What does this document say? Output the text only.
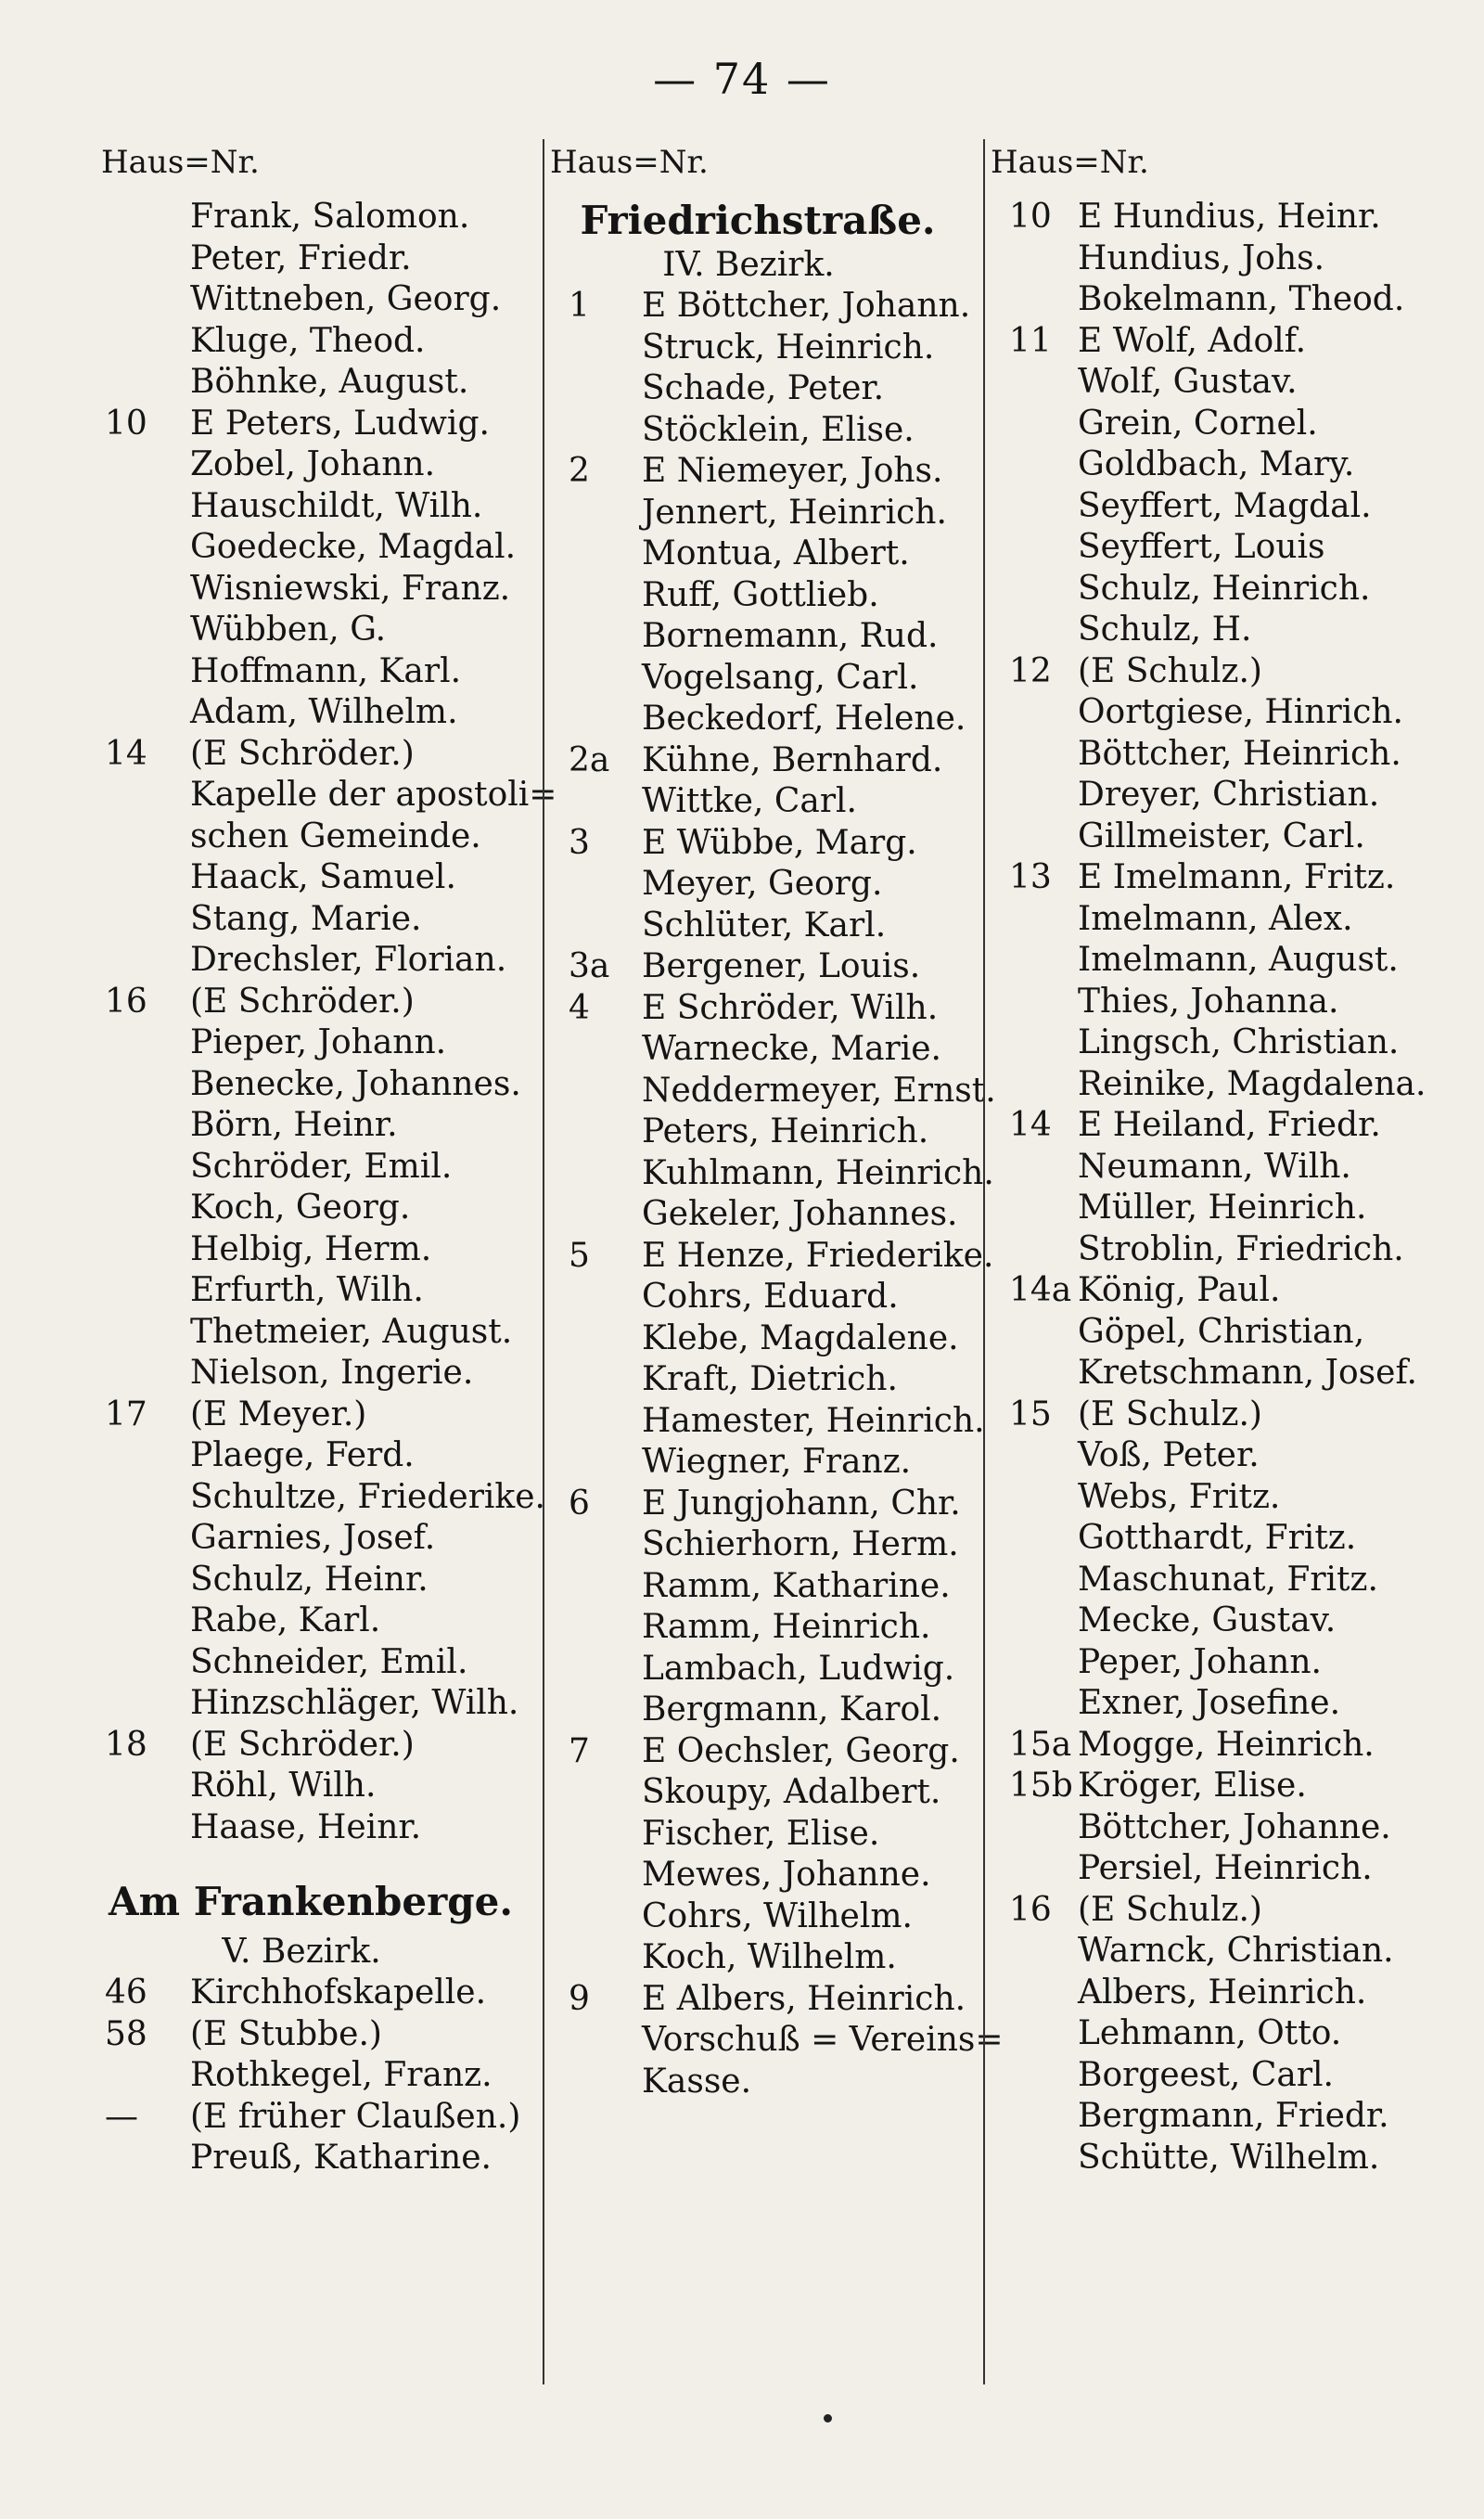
— 74 —
Haus=Nr.
Frank, Salomon.
Peter, Friedr.
Wittneben, Georg.
Kluge, Theod.
Böhnke, August.
10	E Peters, Ludwig.
Zobel, Johann.
Hauschildt, Wilh.
Goedecke, Magdal.
Wisniewski, Franz.
Wübben, G.
Hoffmann, Karl.
Adam, Wilhelm.
14	(E Schröder.)
Kapelle der apostoli=
schen Gemeinde.
Haack, Samuel.
Stang, Marie.
Drechsler, Florian.
16	(E Schröder.)
Pieper, Johann.
Benecke, Johannes.
Börn, Heinr.
Schröder, Emil.
Koch, Georg.
Helbig, Herm.
Erfurth, Wilh.
Thetmeier, August.
Nielson, Ingerie.
17	(E Meyer.)
Plaege, Ferd.
Schultze, Friederike.
Garnies, Josef.
Schulz, Heinr.
Rabe, Karl.
Schneider, Emil.
Hinzschläger, Wilh.
18	(E Schröder.)
Röhl, Wilh.
Haase, Heinr.
Am Frankenberge.
V. Bezirk.
46	Kirchhofskapelle.
58	(E Stubbe.)
Rothkegel, Franz.
—	(E früher Claußen.)
Preuß, Katharine.
Haus=Nr.
Friedrichstraße.
IV. Bezirk.
1	E Böttcher, Johann.
Struck, Heinrich.
Schade, Peter.
Stöcklein, Elise.
2	E Niemeyer, Johs.
Jennert, Heinrich.
Montua, Albert.
Ruff, Gottlieb.
Bornemann, Rud.
Vogelsang, Carl.
Beckedorf, Helene.
2a Kühne, Bernhard.
Wittke, Carl.
3	E Wübbe, Marg.
Meyer, Georg.
Schlüter, Karl.
3a Bergener, Louis.
4	E Schröder, Wilh.
Warnecke, Marie.
Neddermeyer, Ernst.
Peters, Heinrich.
Kuhlmann, Heinrich.
Gekeler, Johannes.
5	E Henze, Friederike.
Cohrs, Eduard.
Klebe, Magdalene.
Kraft, Dietrich.
Hamester, Heinrich.
Wiegner, Franz.
6	E Jungjohann, Chr.
Schierhorn, Herm.
Ramm, Katharine.
Ramm, Heinrich.
Lambach, Ludwig.
Bergmann, Karol.
7	E Oechsler, Georg.
Skoupy, Adalbert.
Fischer, Elise.
Mewes, Johanne.
Cohrs, Wilhelm.
Koch, Wilhelm.
9	E Albers, Heinrich.
Vorschuß = Vereins=
Kasse.
Haus=Nr.
10 E Hundius, Heinr.
Hundius, Johs.
Bokelmann, Theod.
11 E Wolf, Adolf.
Wolf, Gustav.
Grein, Cornel.
Goldbach, Mary.
Seyffert, Magdal.
Seyffert, Louis
Schulz, Heinrich.
Schulz, H.
12 (E Schulz.)
Oortgiese, Hinrich.
Böttcher, Heinrich.
Dreyer, Christian.
Gillmeister, Carl.
13 E Imelmann, Fritz.
Imelmann, Alex.
Imelmann, August.
Thies, Johanna.
Lingsch, Christian.
Reinike, Magdalena.
14 E Heiland, Friedr.
Neumann, Wilh.
Müller, Heinrich.
Stroblin, Friedrich.
14a König, Paul.
Göpel, Christian,
Kretschmann, Josef.
15 (E Schulz.)
Voß, Peter.
Webs, Fritz.
Gotthardt, Fritz.
Maschunat, Fritz.
Mecke, Gustav.
Peper, Johann.
Exner, Josefine.
15a Mogge, Heinrich.
15b Kröger, Elise.
Böttcher, Johanne.
Persiel, Heinrich.
16 (E Schulz.)
Warnck, Christian.
Albers, Heinrich.
Lehmann, Otto.
Borgeest, Carl.
Bergmann, Friedr.
Schütte, Wilhelm.
